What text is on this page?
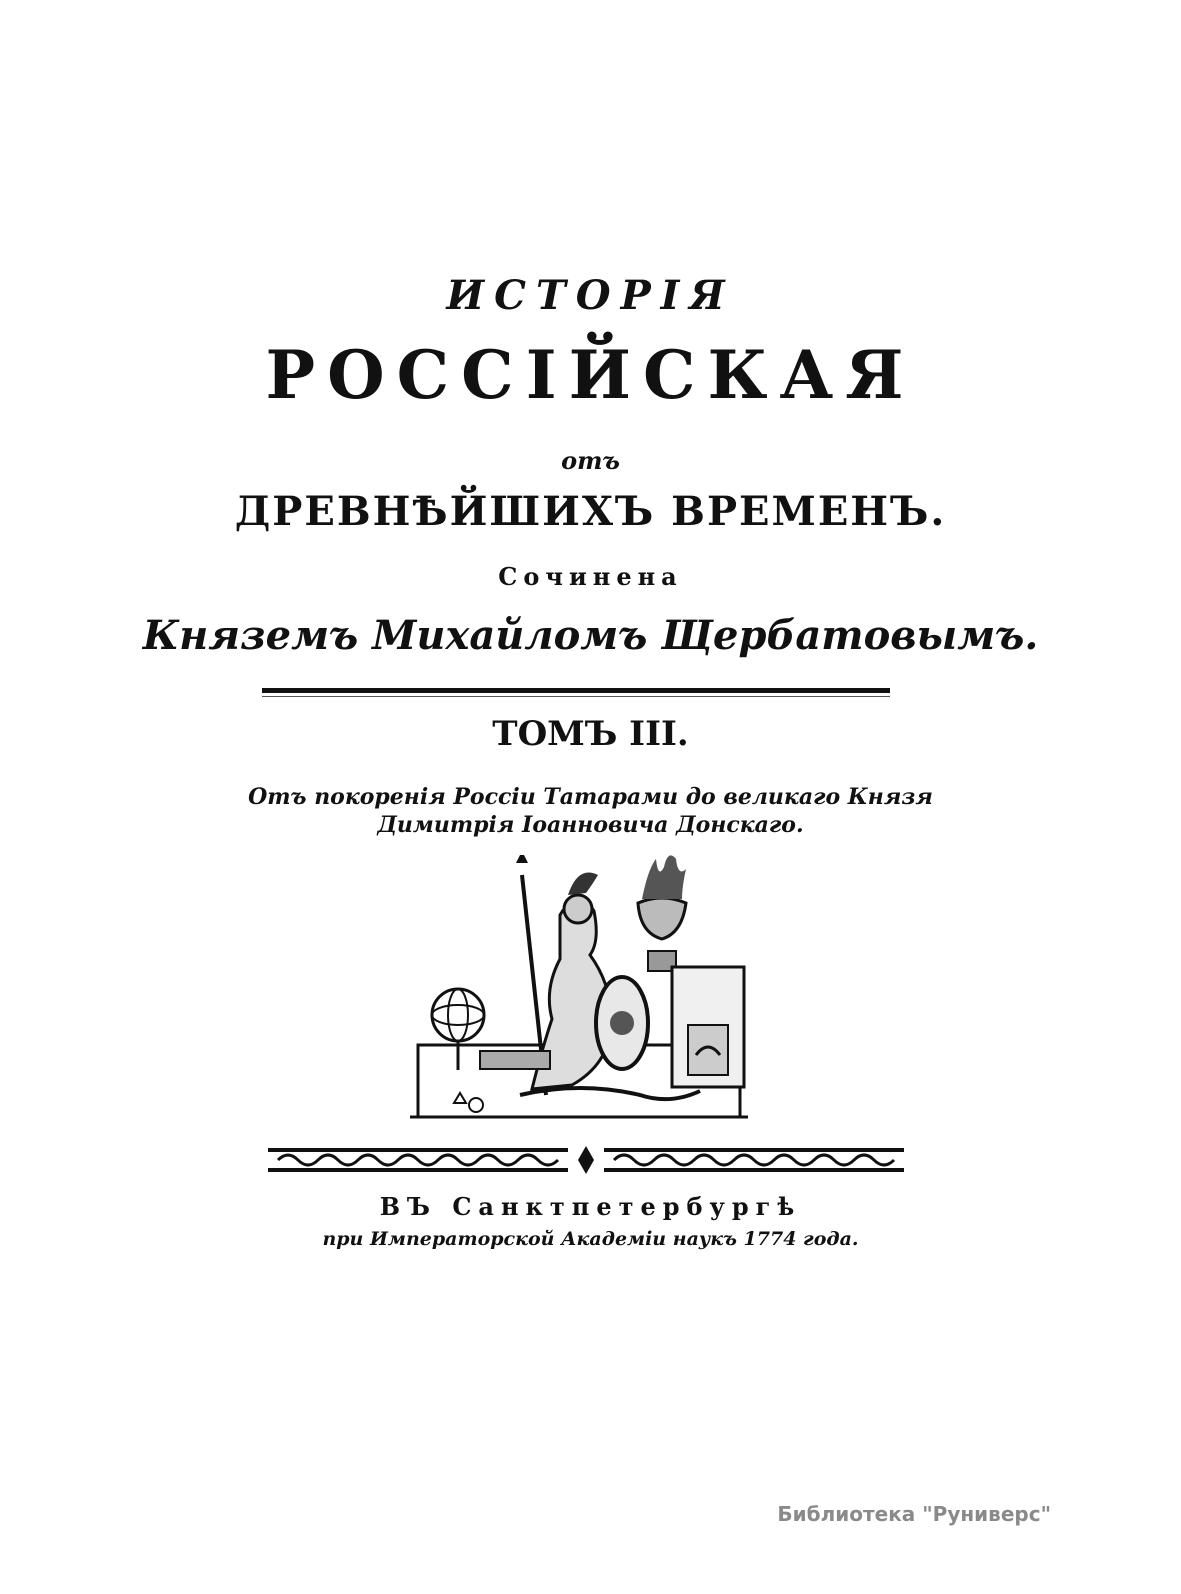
ИСТОРІЯ
РОССІЙСКАЯ
отъ
ДРЕВНѢЙШИХЪ ВРЕМЕНЪ.
Сочинена
Княземъ Михайломъ Щербатовымъ.
ТОМЪ III.
Отъ покоренія Россіи Татарами до великаго Князя
Димитрія Іоанновича Донскаго.
ВЪ Санктпетербургѣ
при Императорской Академіи наукъ 1774 года.
Библиотека "Руниверс"
